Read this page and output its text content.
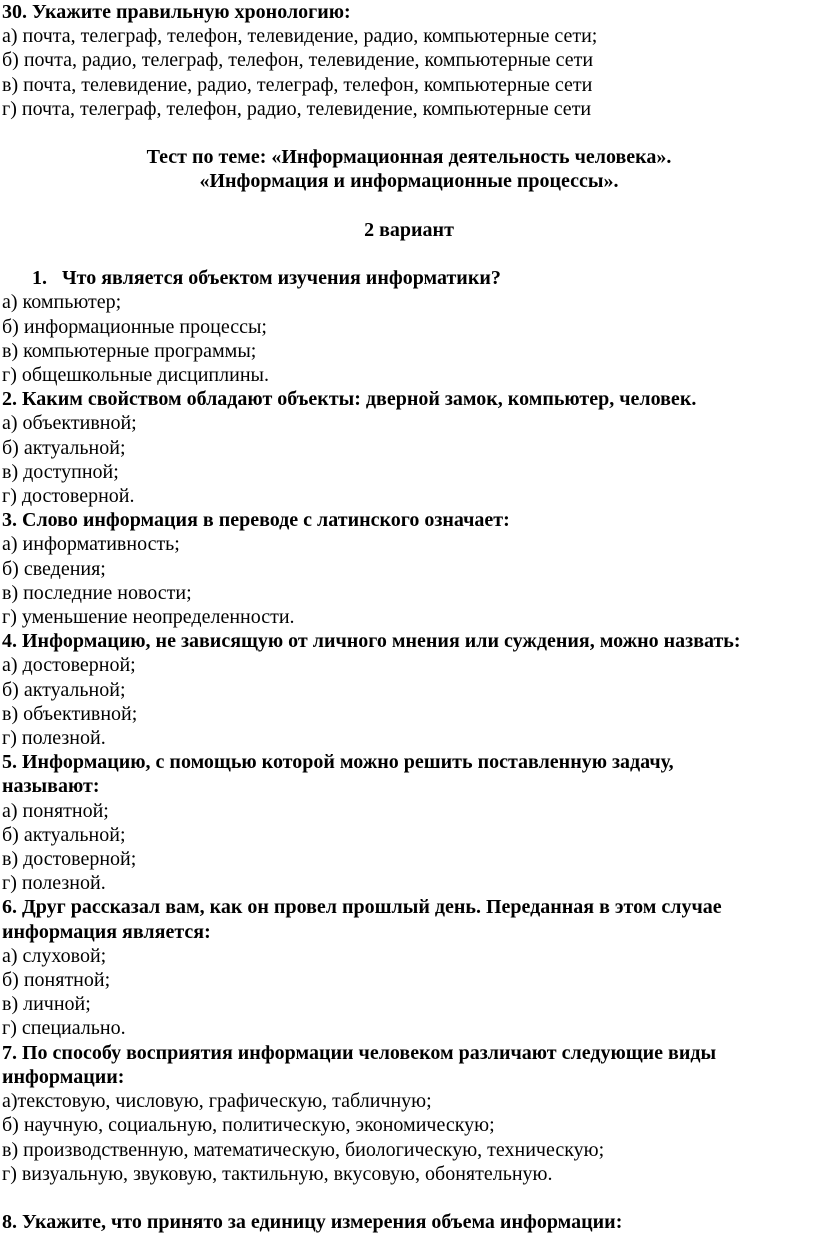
30. Укажите правильную хронологию:
а) почта, телеграф, телефон, телевидение, радио, компьютерные сети;
б) почта, радио, телеграф, телефон, телевидение, компьютерные сети
в) почта, телевидение, радио, телеграф, телефон, компьютерные сети
г) почта, телеграф, телефон, радио, телевидение, компьютерные сети
Тест по теме: «Информационная деятельность человека».
«Информация и информационные процессы».
2 вариант
1. Что является объектом изучения информатики?
а) компьютер;
б) информационные процессы;
в) компьютерные программы;
г) общешкольные дисциплины.
2. Каким свойством обладают объекты: дверной замок, компьютер, человек.
а) объективной;
б) актуальной;
в) доступной;
г) достоверной.
3. Слово информация в переводе с латинского означает:
а) информативность;
б) сведения;
в) последние новости;
г) уменьшение неопределенности.
4. Информацию, не зависящую от личного мнения или суждения, можно назвать:
а) достоверной;
б) актуальной;
в) объективной;
г) полезной.
5. Информацию, с помощью которой можно решить поставленную задачу,
называют:
а) понятной;
б) актуальной;
в) достоверной;
г) полезной.
6. Друг рассказал вам, как он провел прошлый день. Переданная в этом случае
информация является:
а) слуховой;
б) понятной;
в) личной;
г) специально.
7. По способу восприятия информации человеком различают следующие виды
информации:
а)текстовую, числовую, графическую, табличную;
б) научную, социальную, политическую, экономическую;
в) производственную, математическую, биологическую, техническую;
г) визуальную, звуковую, тактильную, вкусовую, обонятельную.
8. Укажите, что принято за единицу измерения объема информации:
